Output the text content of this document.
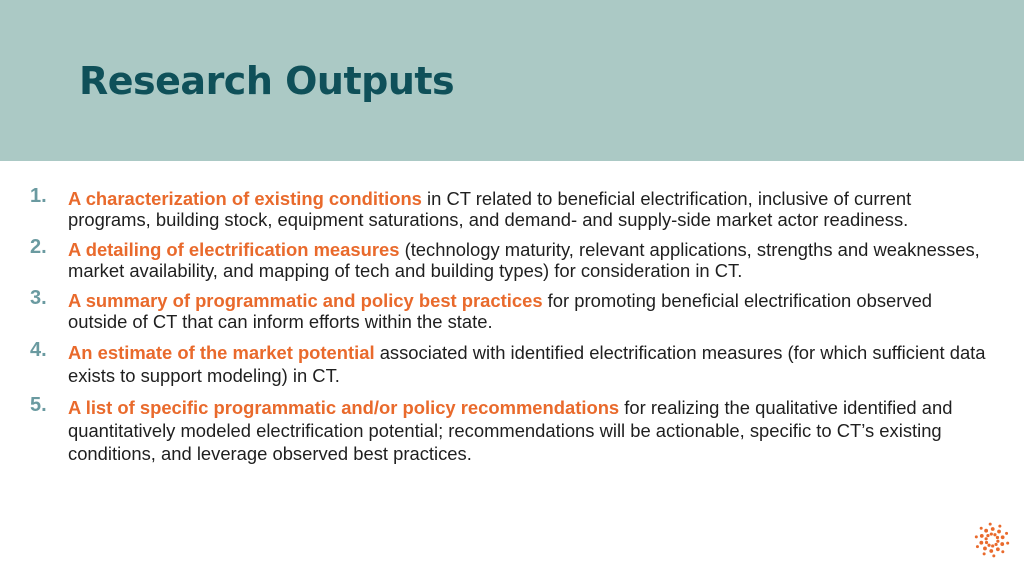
Research Outputs
1. A characterization of existing conditions in CT related to beneficial electrification, inclusive of current programs, building stock, equipment saturations, and demand- and supply-side market actor readiness.
2. A detailing of electrification measures (technology maturity, relevant applications, strengths and weaknesses, market availability, and mapping of tech and building types) for consideration in CT.
3. A summary of programmatic and policy best practices for promoting beneficial electrification observed outside of CT that can inform efforts within the state.
4. An estimate of the market potential associated with identified electrification measures (for which sufficient data exists to support modeling) in CT.
5. A list of specific programmatic and/or policy recommendations for realizing the qualitative identified and quantitatively modeled electrification potential; recommendations will be actionable, specific to CT’s existing conditions, and leverage observed best practices.
